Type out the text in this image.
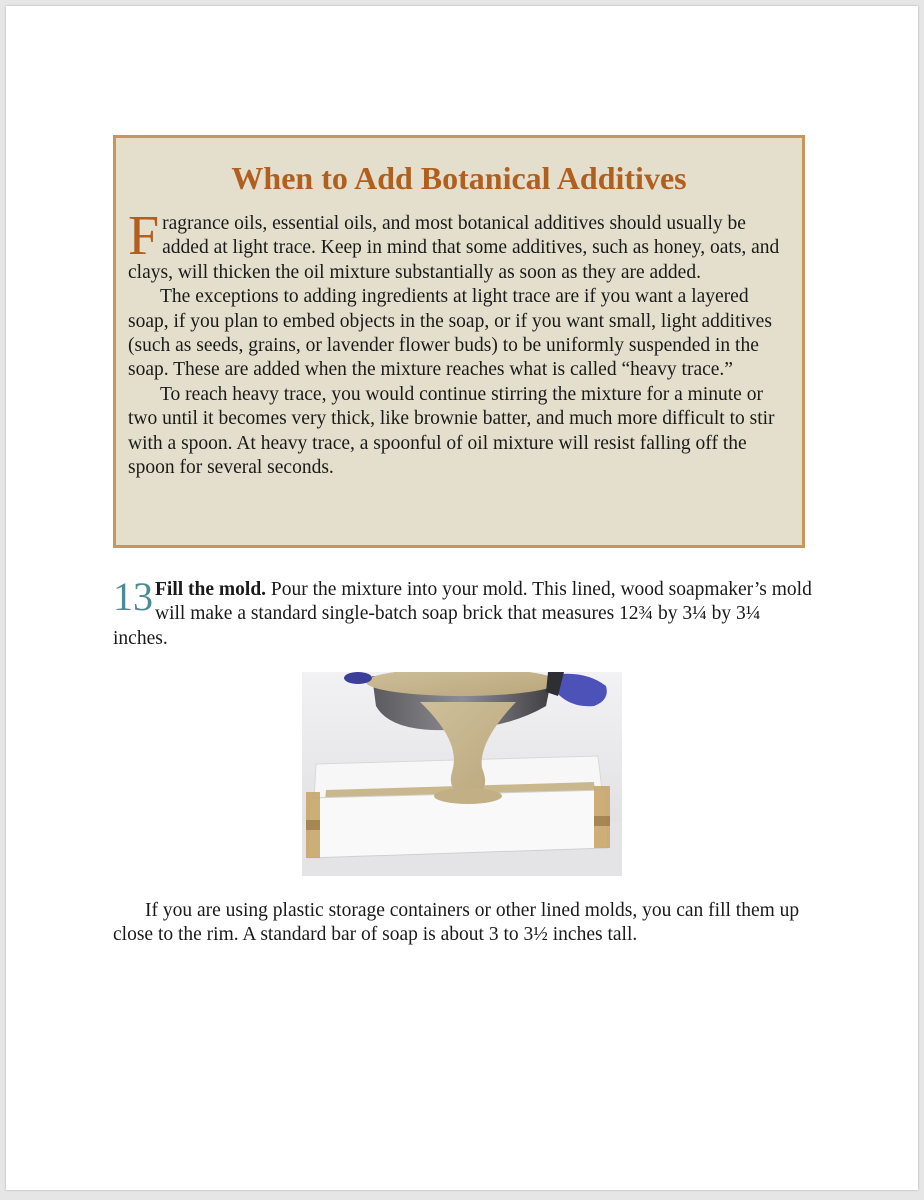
When to Add Botanical Additives

Fragrance oils, essential oils, and most botanical additives should usually be added at light trace. Keep in mind that some additives, such as honey, oats, and clays, will thicken the oil mixture substantially as soon as they are added.

The exceptions to adding ingredients at light trace are if you want a layered soap, if you plan to embed objects in the soap, or if you want small, light additives (such as seeds, grains, or lavender flower buds) to be uniformly suspended in the soap. These are added when the mixture reaches what is called “heavy trace.”

To reach heavy trace, you would continue stirring the mixture for a minute or two until it becomes very thick, like brownie batter, and much more difficult to stir with a spoon. At heavy trace, a spoonful of oil mixture will resist falling off the spoon for several seconds.

13 Fill the mold. Pour the mixture into your mold. This lined, wood soapmaker’s mold will make a standard single-batch soap brick that measures 12¾ by 3¼ by 3¼ inches.

If you are using plastic storage containers or other lined molds, you can fill them up close to the rim. A standard bar of soap is about 3 to 3½ inches tall.
